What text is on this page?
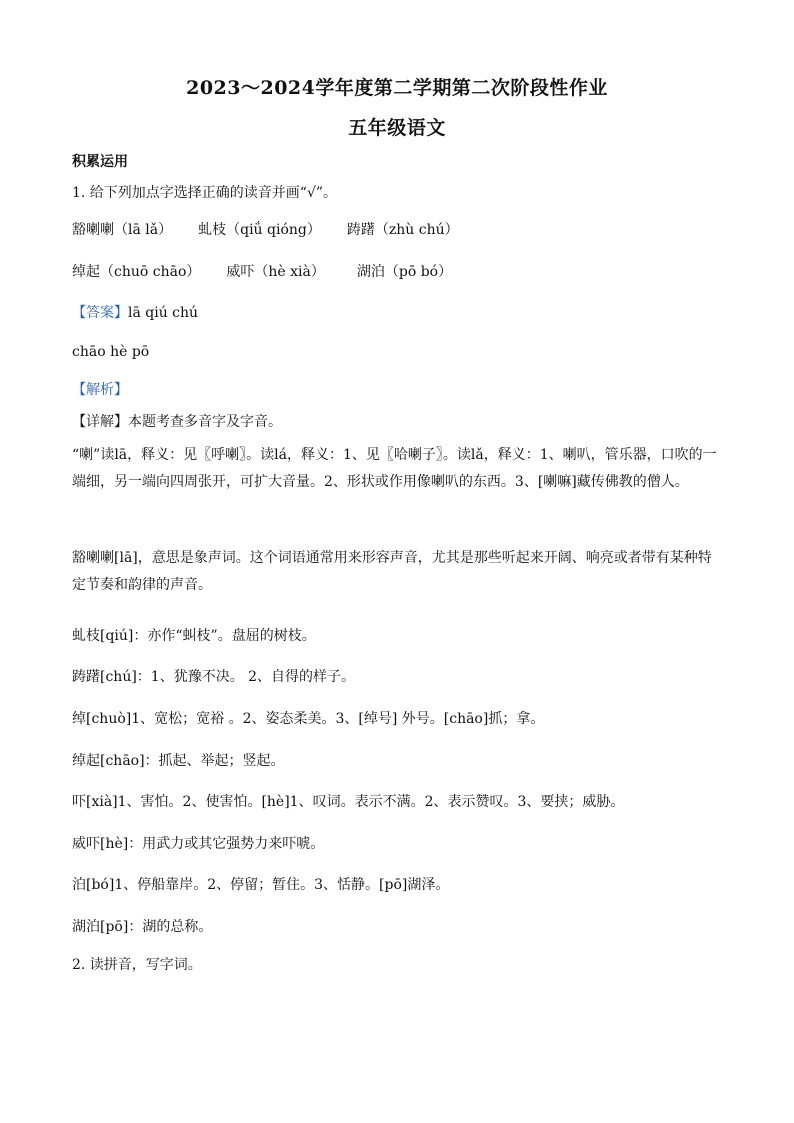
2023～2024学年度第二学期第二次阶段性作业
五年级语文
积累运用
1. 给下列加点字选择正确的读音并画“√”。
豁喇喇（lā lǎ） 虬枝（qiǘ qióng） 踌躇（zhù chú）
绰起（chuō chāo） 威吓（hè xià） 湖泊（pō bó）
【答案】lā qiú chú
chāo hè pō
【解析】
【详解】本题考查多音字及字音。
“喇”读lā，释义：见〖呼喇〗。读lá，释义：1、见〖哈喇子〗。读lǎ，释义：1、喇叭，管乐器，口吹的一端细，另一端向四周张开，可扩大音量。2、形状或作用像喇叭的东西。3、[喇嘛]藏传佛教的僧人。
豁喇喇[lā]，意思是象声词。这个词语通常用来形容声音，尤其是那些听起来开阔、响亮或者带有某种特定节奏和韵律的声音。
虬枝[qiú]：亦作“虯枝”。盘屈的树枝。
踌躇[chú]：1、犹豫不决。 2、自得的样子。
绰[chuò]1、宽松；宽裕 。2、姿态柔美。3、[绰号] 外号。[chāo]抓；拿。
绰起[chāo]：抓起、举起；竖起。
吓[xià]1、害怕。2、使害怕。[hè]1、叹词。表示不满。2、表示赞叹。3、要挟；威胁。
威吓[hè]：用武力或其它强势力来吓唬。
泊[bó]1、停船靠岸。2、停留；暂住。3、恬静。[pō]湖泽。
湖泊[pō]：湖的总称。
2. 读拼音，写字词。
